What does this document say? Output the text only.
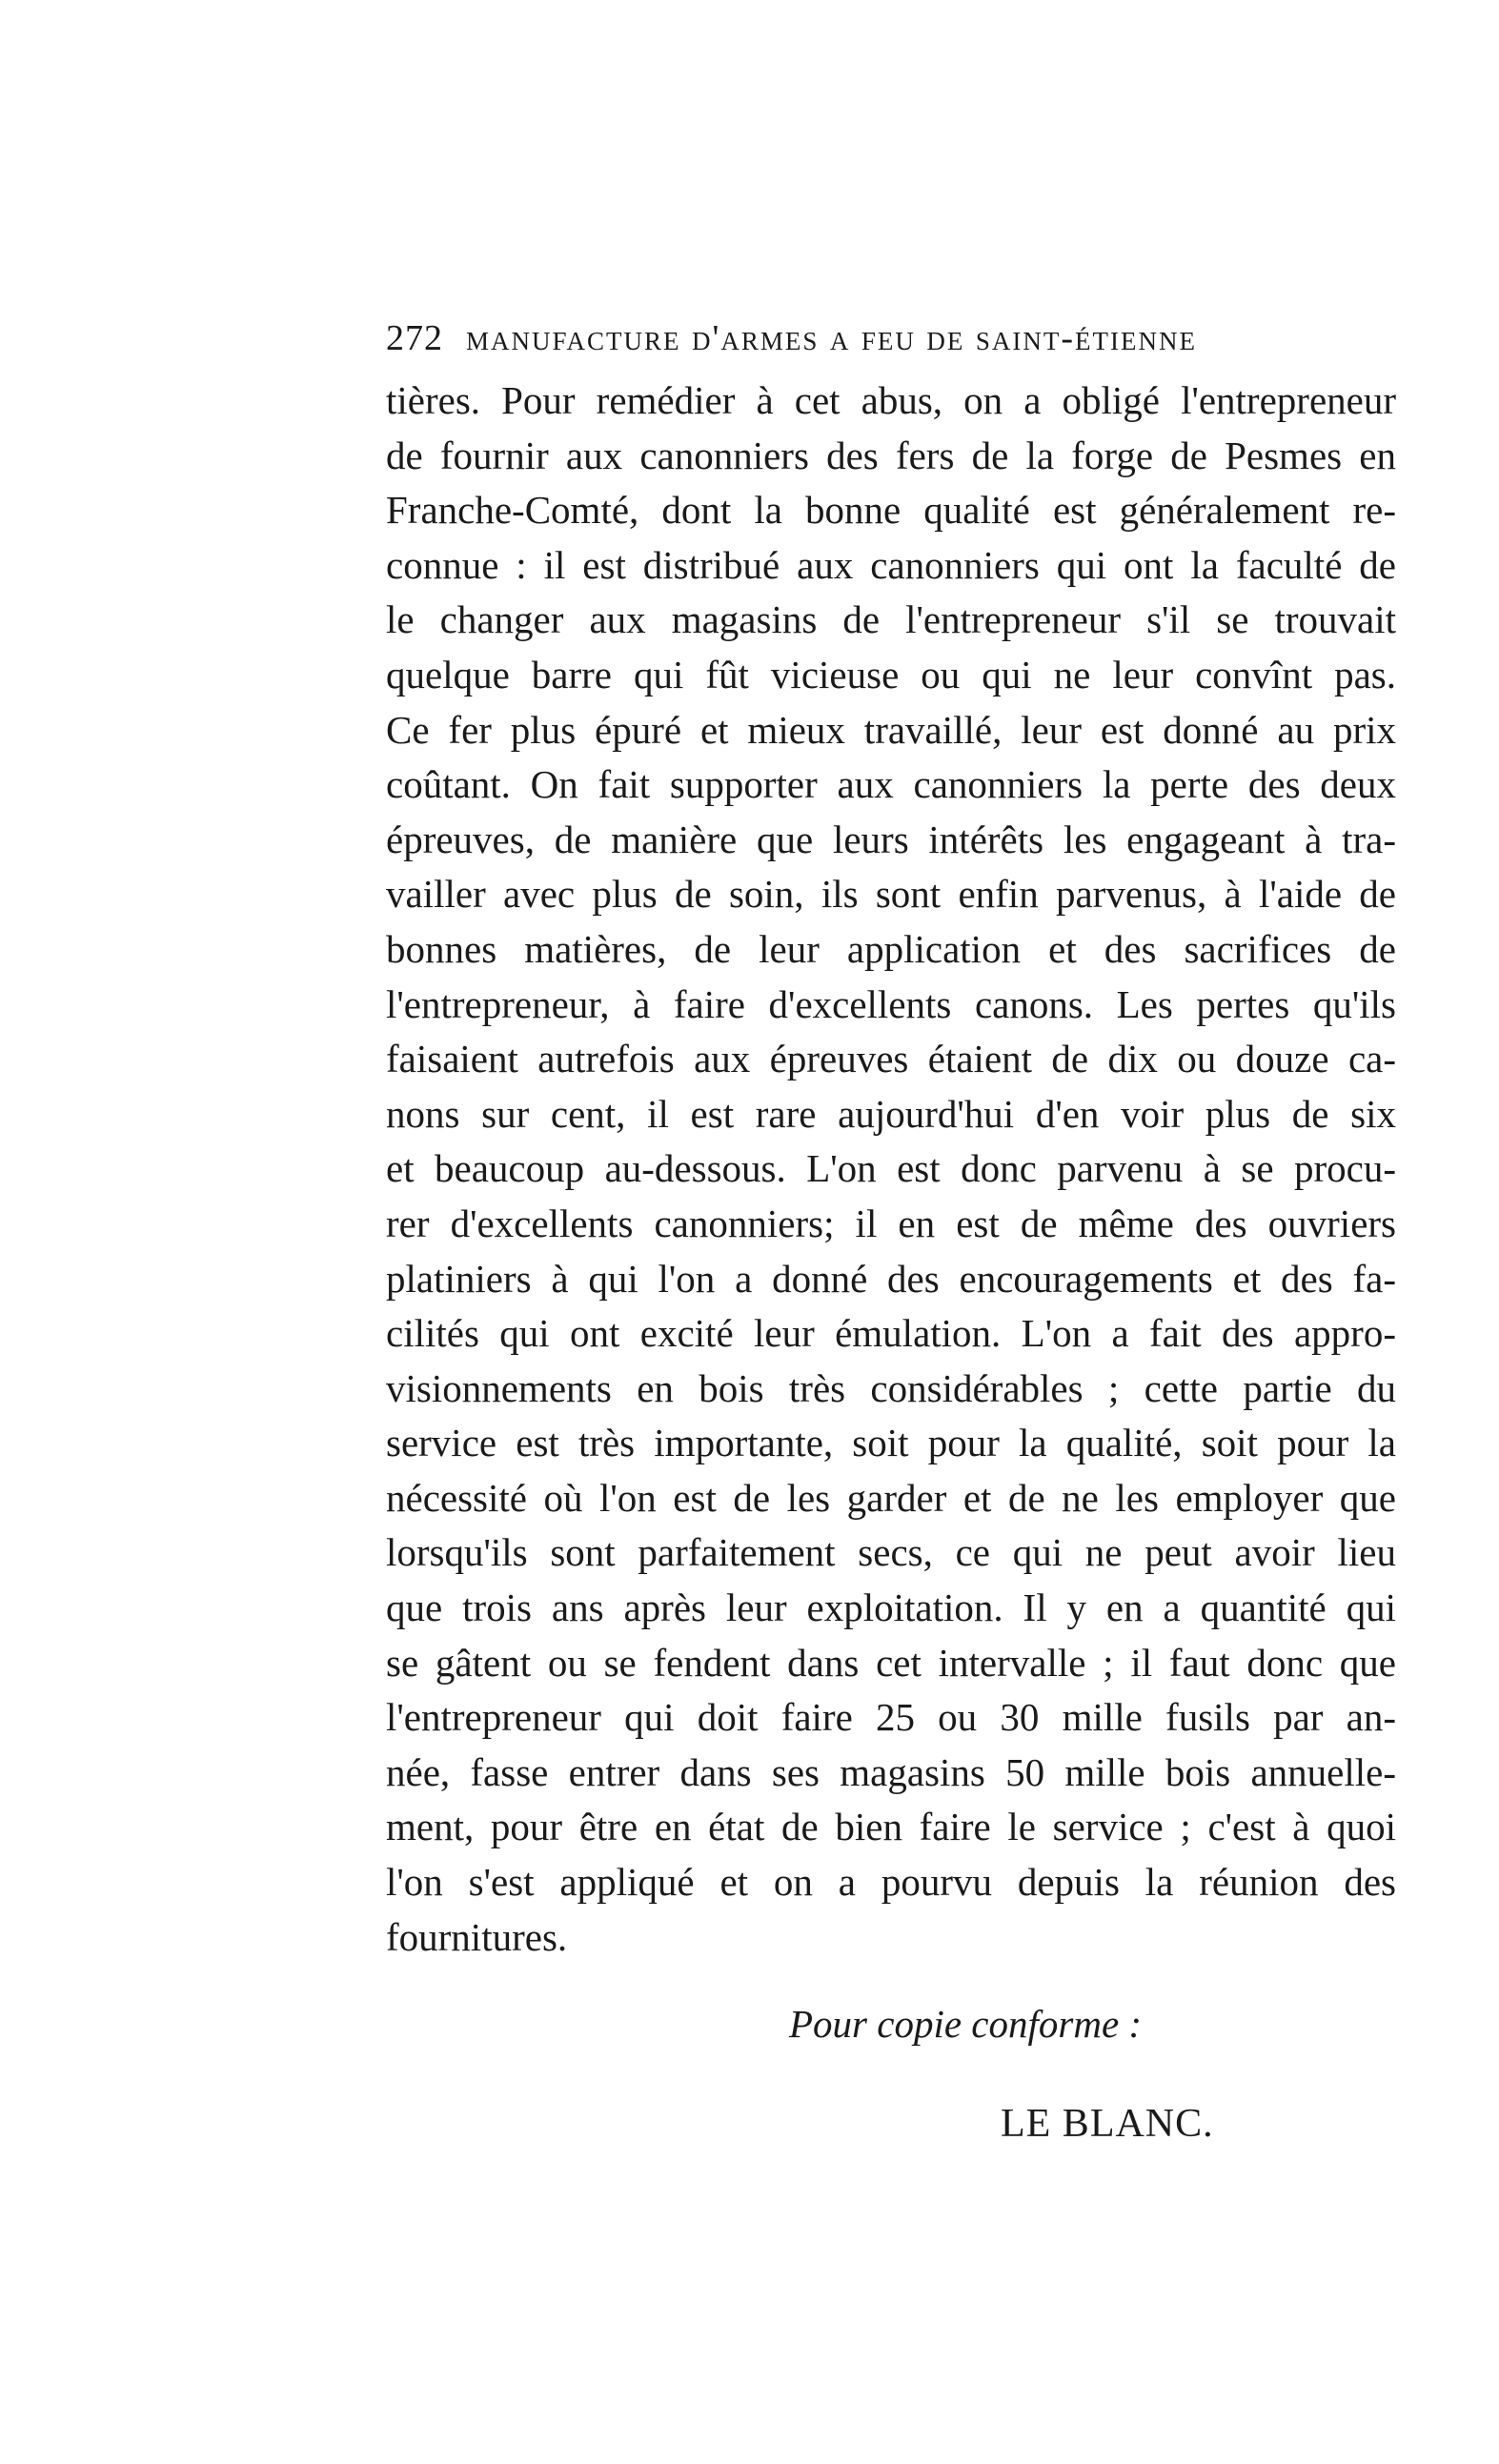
272 manufacture d'armes a feu de saint-étienne
tières. Pour remédier à cet abus, on a obligé l'entrepreneur
de fournir aux canonniers des fers de la forge de Pesmes en
Franche-Comté, dont la bonne qualité est généralement re-
connue : il est distribué aux canonniers qui ont la faculté de
le changer aux magasins de l'entrepreneur s'il se trouvait
quelque barre qui fût vicieuse ou qui ne leur convînt pas.
Ce fer plus épuré et mieux travaillé, leur est donné au prix
coûtant. On fait supporter aux canonniers la perte des deux
épreuves, de manière que leurs intérêts les engageant à tra-
vailler avec plus de soin, ils sont enfin parvenus, à l'aide de
bonnes matières, de leur application et des sacrifices de
l'entrepreneur, à faire d'excellents canons. Les pertes qu'ils
faisaient autrefois aux épreuves étaient de dix ou douze ca-
nons sur cent, il est rare aujourd'hui d'en voir plus de six
et beaucoup au-dessous. L'on est donc parvenu à se procu-
rer d'excellents canonniers; il en est de même des ouvriers
platiniers à qui l'on a donné des encouragements et des fa-
cilités qui ont excité leur émulation. L'on a fait des appro-
visionnements en bois très considérables ; cette partie du
service est très importante, soit pour la qualité, soit pour la
nécessité où l'on est de les garder et de ne les employer que
lorsqu'ils sont parfaitement secs, ce qui ne peut avoir lieu
que trois ans après leur exploitation. Il y en a quantité qui
se gâtent ou se fendent dans cet intervalle ; il faut donc que
l'entrepreneur qui doit faire 25 ou 30 mille fusils par an-
née, fasse entrer dans ses magasins 50 mille bois annuelle-
ment, pour être en état de bien faire le service ; c'est à quoi
l'on s'est appliqué et on a pourvu depuis la réunion des
fournitures.
Pour copie conforme :
LE BLANC.
